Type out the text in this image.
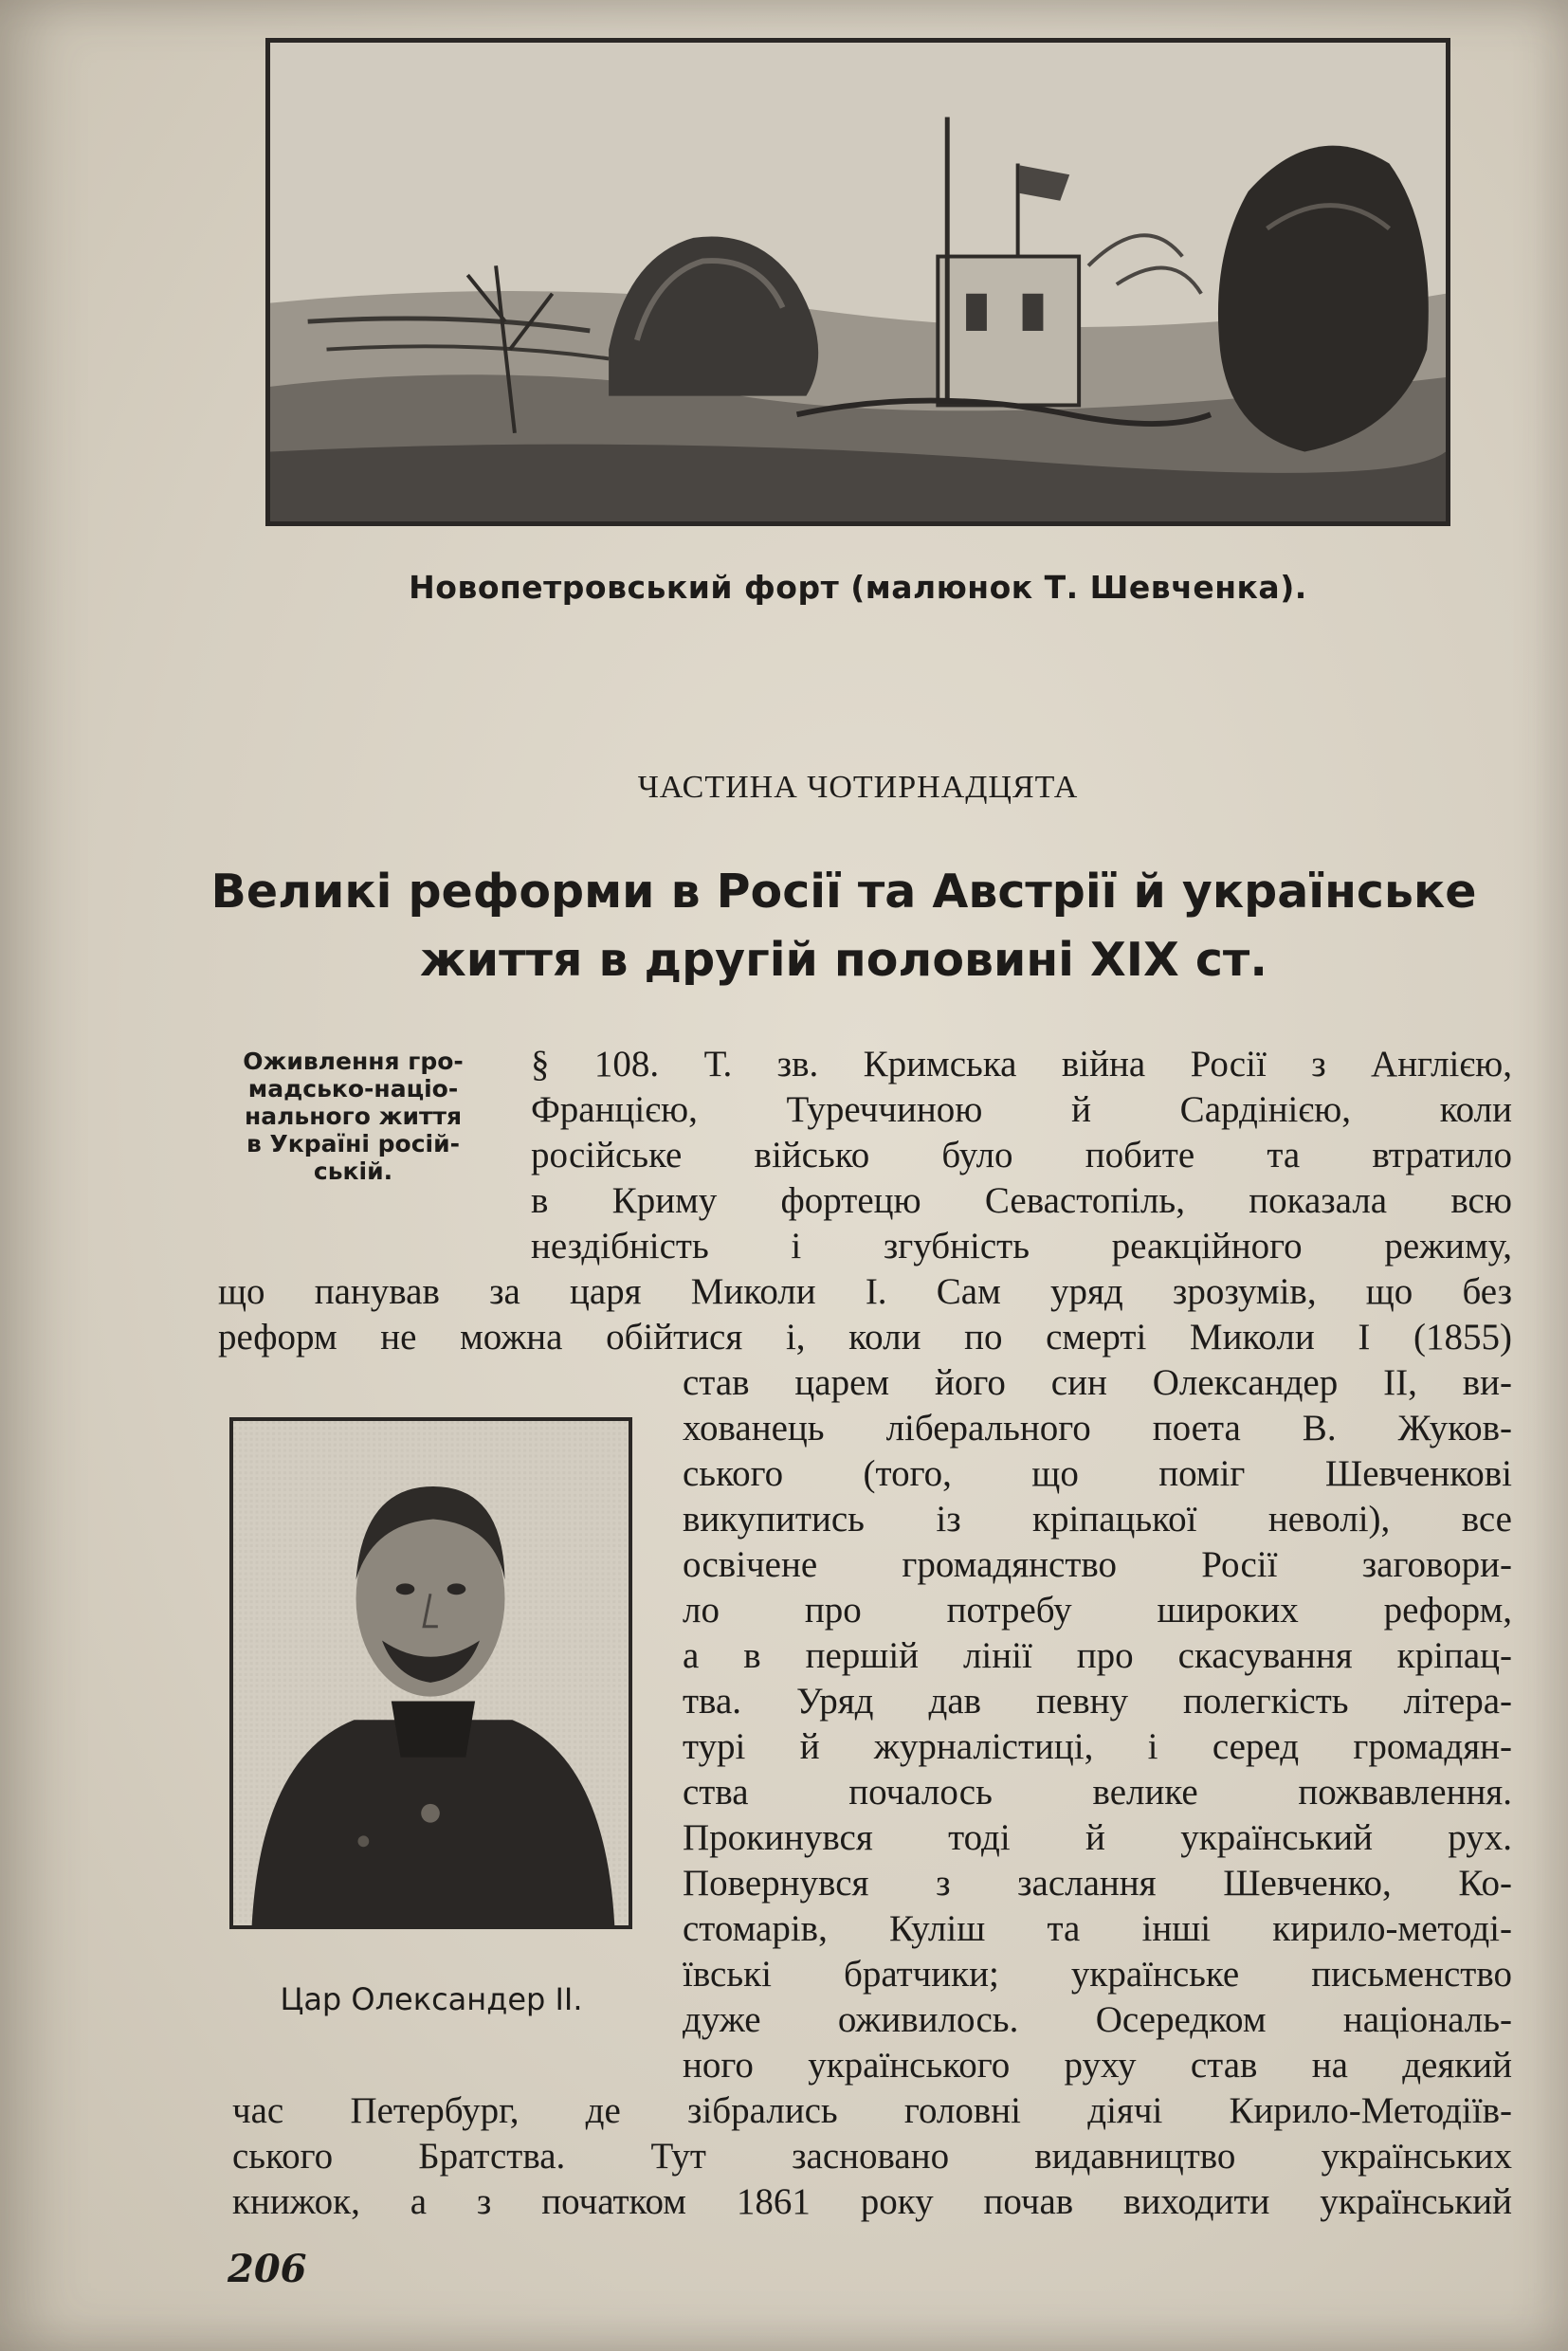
Новопетровський форт (малюнок Т. Шевченка).
ЧАСТИНА ЧОТИРНАДЦЯТА
Великі реформи в Росії та Австрії й українське
життя в другій половині XIX ст.
Оживлення гро-
мадсько-націо-
нального життя
в Україні росій-
ській.
§ 108. Т. зв. Кримська війна Росії з Англією,
Францією, Туреччиною й Сардінією, коли
російське військо було побите та втратило
в Криму фортецю Севастопіль, показала всю
нездібність і згубність реакційного режиму,
що панував за царя Миколи І. Сам уряд зрозумів, що без
реформ не можна обійтися і, коли по смерті Миколи І (1855)
став царем його син Олександер II, ви-
хованець ліберального поета В. Жуков-
ського (того, що поміг Шевченкові
викупитись із кріпацької неволі), все
освічене громадянство Росії заговори-
ло про потребу широких реформ,
а в першій лінії про скасування кріпац-
тва. Уряд дав певну полегкість літера-
турі й журналістиці, і серед громадян-
ства почалось велике пожвавлення.
Прокинувся тоді й український рух.
Повернувся з заслання Шевченко, Ко-
стомарів, Куліш та інші кирило-методі-
ївські братчики; українське письменство
дуже оживилось. Осередком національ-
ного українського руху став на деякий
час Петербург, де зібрались головні діячі Кирило-Методіїв-
ського Братства. Тут засновано видавництво українських
книжок, а з початком 1861 року почав виходити український
Цар Олександер II.
206
